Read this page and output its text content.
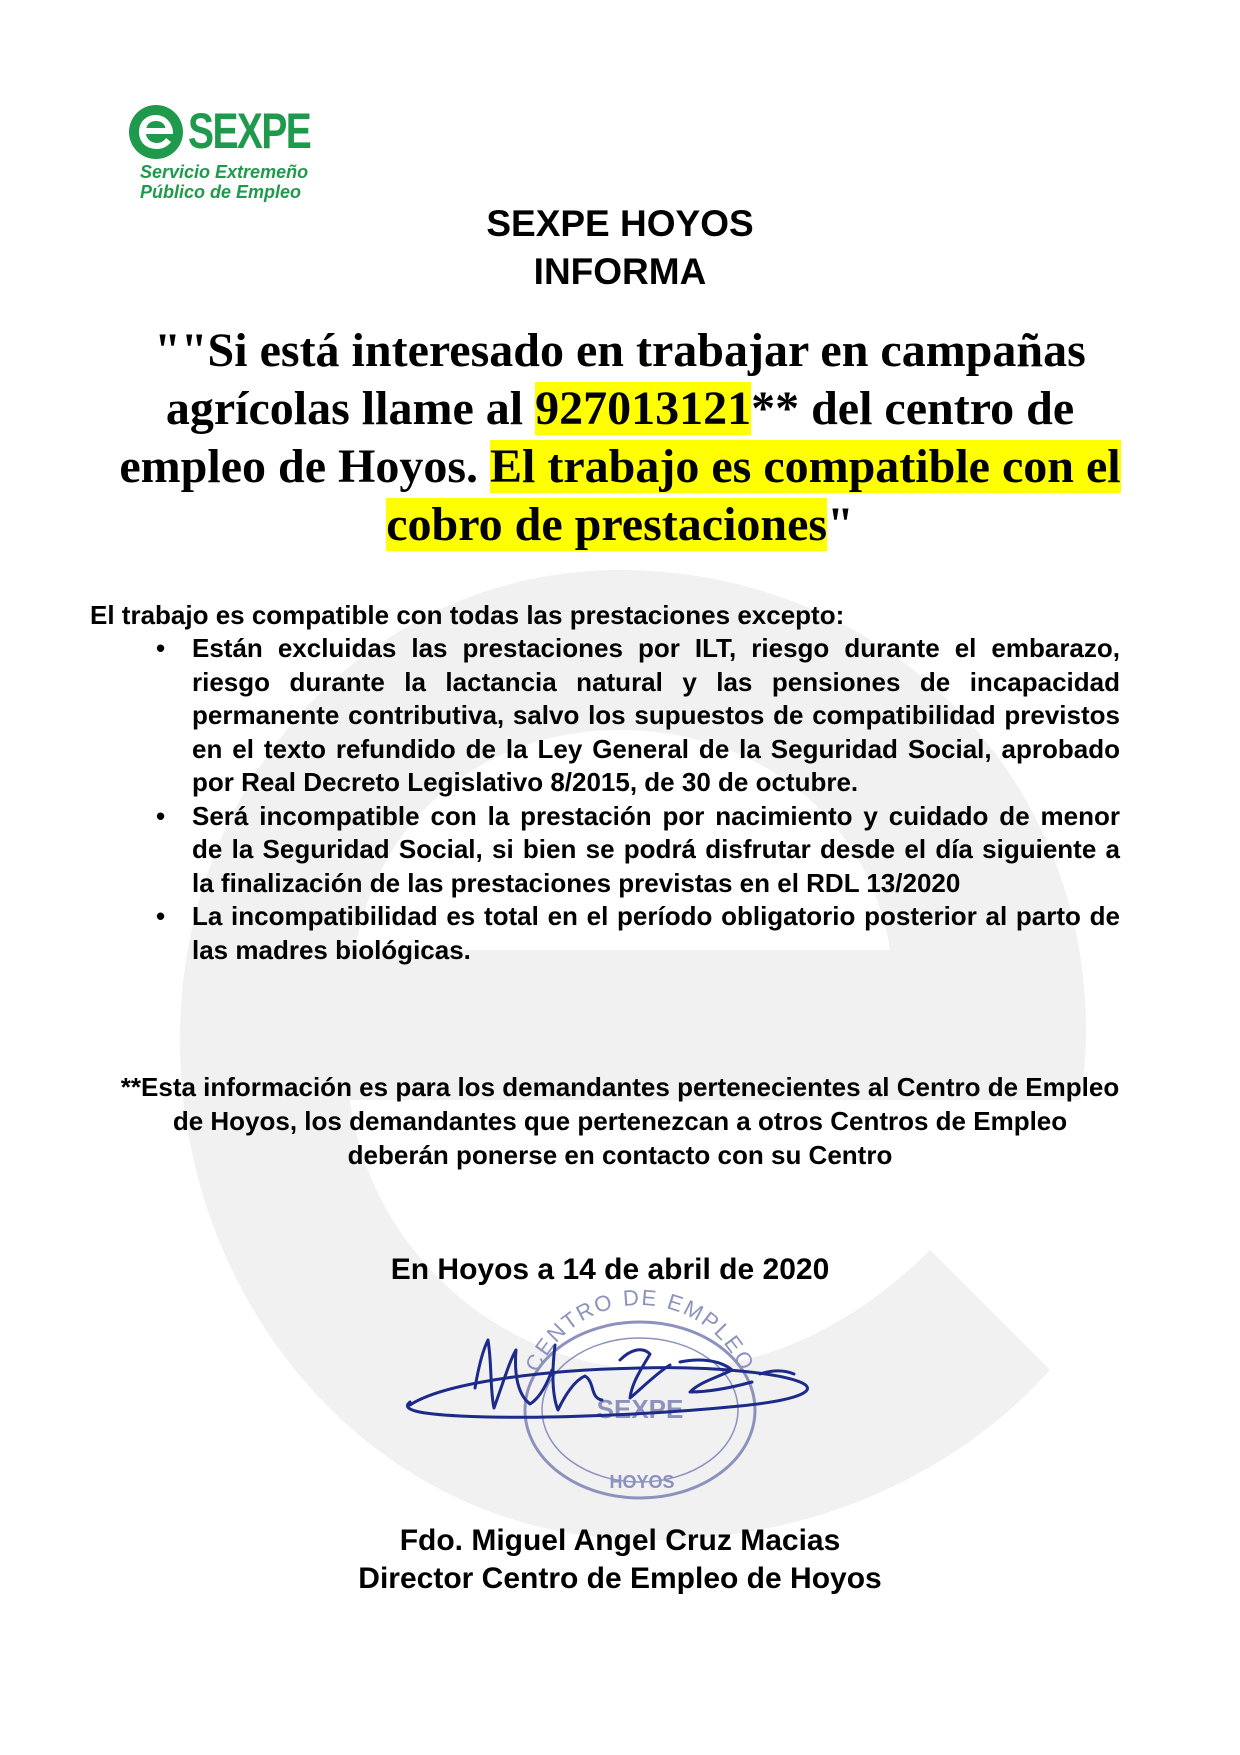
SEXPE
Servicio Extremeño
Público de Empleo
SEXPE HOYOS
INFORMA
""Si está interesado en trabajar en campañas agrícolas llame al 927013121** del centro de empleo de Hoyos. El trabajo es compatible con el cobro de prestaciones"
El trabajo es compatible con todas las prestaciones excepto:
• Están excluidas las prestaciones por ILT, riesgo durante el embarazo, riesgo durante la lactancia natural y las pensiones de incapacidad permanente contributiva, salvo los supuestos de compatibilidad previstos en el texto refundido de la Ley General de la Seguridad Social, aprobado por Real Decreto Legislativo 8/2015, de 30 de octubre.
• Será incompatible con la prestación por nacimiento y cuidado de menor de la Seguridad Social, si bien se podrá disfrutar desde el día siguiente a la finalización de las prestaciones previstas en el RDL 13/2020
• La incompatibilidad es total en el período obligatorio posterior al parto de las madres biológicas.
**Esta información es para los demandantes pertenecientes al Centro de Empleo de Hoyos, los demandantes que pertenezcan a otros Centros de Empleo deberán ponerse en contacto con su Centro
En Hoyos a 14 de abril de 2020
CENTRO DE EMPLEO
SEXPE
HOYOS
Fdo. Miguel Angel Cruz Macias
Director Centro de Empleo de Hoyos
